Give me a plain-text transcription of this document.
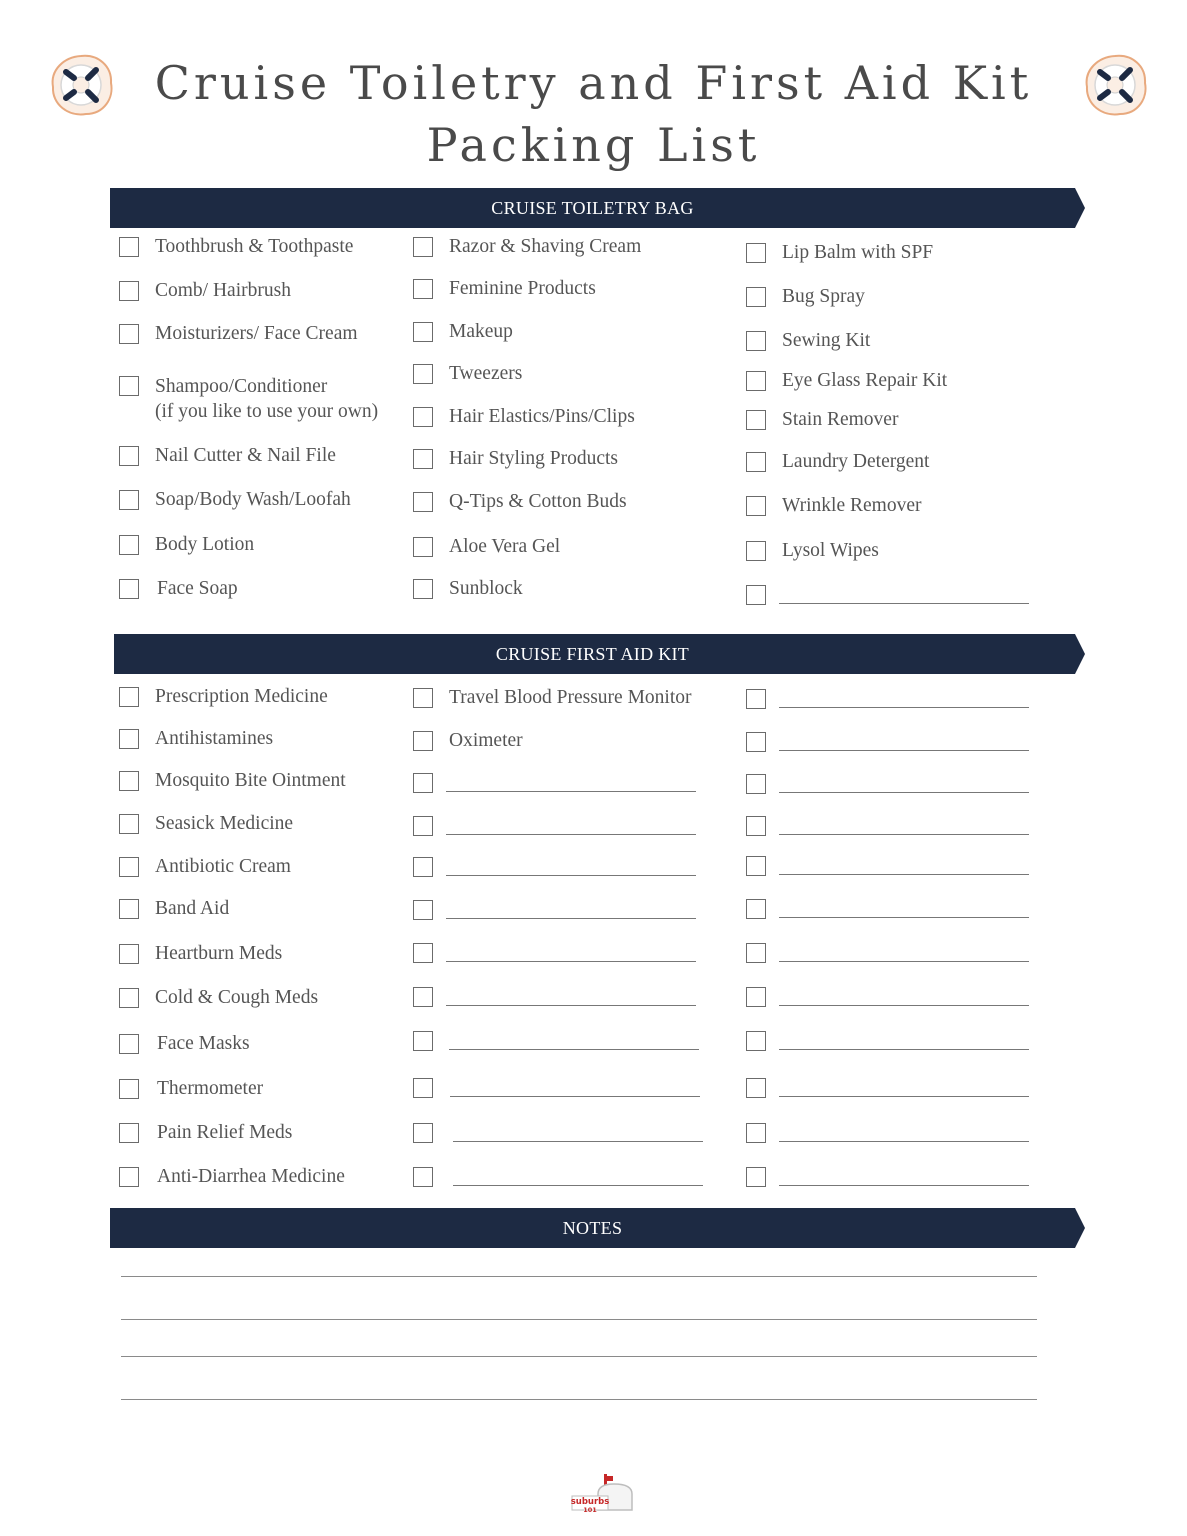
Cruise Toiletry and First Aid Kit
Packing List
CRUISE TOILETRY BAG
CRUISE FIRST AID KIT
NOTES
Toothbrush & Toothpaste
Comb/ Hairbrush
Moisturizers/ Face Cream
Shampoo/Conditioner
(if you like to use your own)
Nail Cutter & Nail File
Soap/Body Wash/Loofah
Body Lotion
Face Soap
Razor & Shaving Cream
Feminine Products
Makeup
Tweezers
Hair Elastics/Pins/Clips
Hair Styling Products
Q-Tips & Cotton Buds
Aloe Vera Gel
Sunblock
Lip Balm with SPF
Bug Spray
Sewing Kit
Eye Glass Repair Kit
Stain Remover
Laundry Detergent
Wrinkle Remover
Lysol Wipes
Prescription Medicine
Antihistamines
Mosquito Bite Ointment
Seasick Medicine
Antibiotic Cream
Band Aid
Heartburn Meds
Cold & Cough Meds
Face Masks
Thermometer
Pain Relief Meds
Anti-Diarrhea Medicine
Travel Blood Pressure Monitor
Oximeter
suburbs
101
